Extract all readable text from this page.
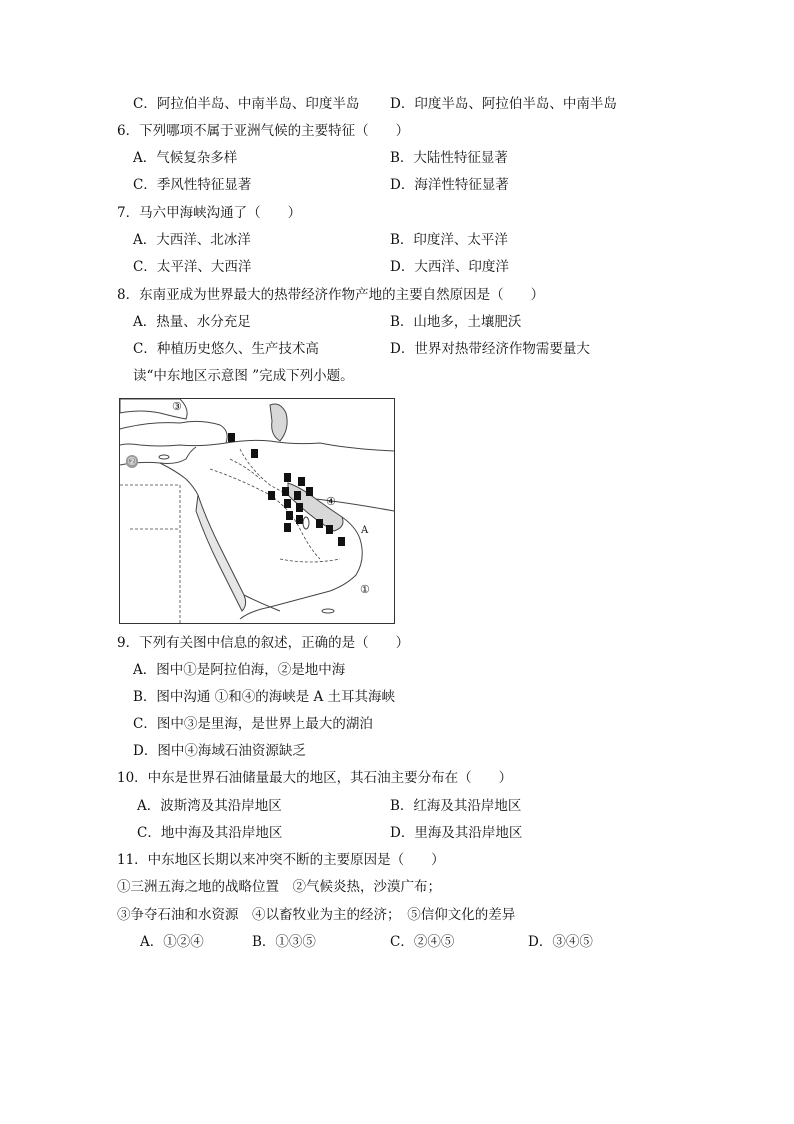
C．阿拉伯半岛、中南半岛、印度半岛 D．印度半岛、阿拉伯半岛、中南半岛
6．下列哪项不属于亚洲气候的主要特征（　　）
A．气候复杂多样	B．大陆性特征显著
C．季风性特征显著	D．海洋性特征显著
7．马六甲海峡沟通了（　　）
A．大西洋、北冰洋	B．印度洋、太平洋
C．太平洋、大西洋	D．大西洋、印度洋
8．东南亚成为世界最大的热带经济作物产地的主要自然原因是（　　）
A．热量、水分充足	B．山地多，土壤肥沃
C．种植历史悠久、生产技术高	D．世界对热带经济作物需要量大
读“中东地区示意图 ”完成下列小题。
③
②
④
A
①
9．下列有关图中信息的叙述，正确的是（　　）
A．图中①是阿拉伯海，②是地中海
B．图中沟通 ①和④的海峡是 A 土耳其海峡
C．图中③是里海，是世界上最大的湖泊
D．图中④海域石油资源缺乏
10．中东是世界石油储量最大的地区，其石油主要分布在（　　）
A．波斯湾及其沿岸地区	B．红海及其沿岸地区
C．地中海及其沿岸地区	D．里海及其沿岸地区
11．中东地区长期以来冲突不断的主要原因是（　　）
①三洲五海之地的战略位置　②气候炎热，沙漠广布；
③争夺石油和水资源　④以畜牧业为主的经济；　⑤信仰文化的差异
A．①②④	B．①③⑤	C．②④⑤	D．③④⑤
